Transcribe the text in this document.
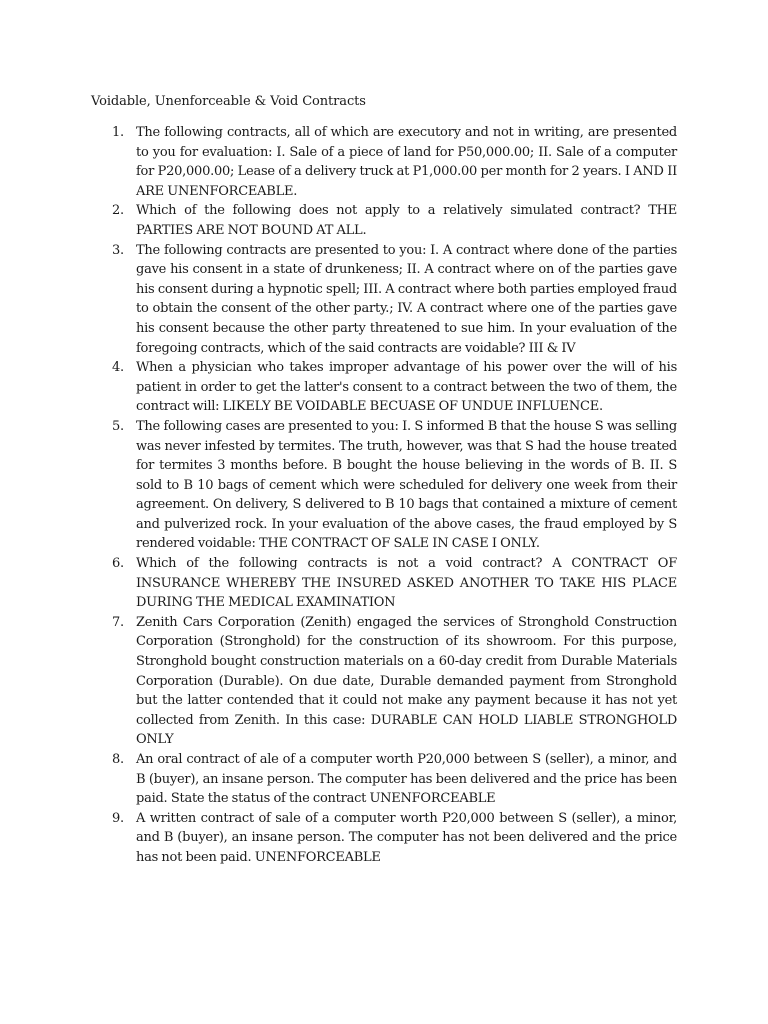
Voidable, Unenforceable & Void Contracts
1. The following contracts, all of which are executory and not in writing, are presented to you for evaluation: I. Sale of a piece of land for P50,000.00; II. Sale of a computer for P20,000.00; Lease of a delivery truck at P1,000.00 per month for 2 years. I AND II ARE UNENFORCEABLE.
2. Which of the following does not apply to a relatively simulated contract? THE PARTIES ARE NOT BOUND AT ALL.
3. The following contracts are presented to you: I. A contract where done of the parties gave his consent in a state of drunkeness; II. A contract where on of the parties gave his consent during a hypnotic spell; III. A contract where both parties employed fraud to obtain the consent of the other party.; IV. A contract where one of the parties gave his consent because the other party threatened to sue him. In your evaluation of the foregoing contracts, which of the said contracts are voidable? III & IV
4. When a physician who takes improper advantage of his power over the will of his patient in order to get the latter's consent to a contract between the two of them, the contract will: LIKELY BE VOIDABLE BECUASE OF UNDUE INFLUENCE.
5. The following cases are presented to you: I. S informed B that the house S was selling was never infested by termites. The truth, however, was that S had the house treated for termites 3 months before. B bought the house believing in the words of B. II. S sold to B 10 bags of cement which were scheduled for delivery one week from their agreement. On delivery, S delivered to B 10 bags that contained a mixture of cement and pulverized rock. In your evaluation of the above cases, the fraud employed by S rendered voidable: THE CONTRACT OF SALE IN CASE I ONLY.
6. Which of the following contracts is not a void contract? A CONTRACT OF INSURANCE WHEREBY THE INSURED ASKED ANOTHER TO TAKE HIS PLACE DURING THE MEDICAL EXAMINATION
7. Zenith Cars Corporation (Zenith) engaged the services of Stronghold Construction Corporation (Stronghold) for the construction of its showroom. For this purpose, Stronghold bought construction materials on a 60-day credit from Durable Materials Corporation (Durable). On due date, Durable demanded payment from Stronghold but the latter contended that it could not make any payment because it has not yet collected from Zenith. In this case: DURABLE CAN HOLD LIABLE STRONGHOLD ONLY
8. An oral contract of ale of a computer worth P20,000 between S (seller), a minor, and B (buyer), an insane person. The computer has been delivered and the price has been paid. State the status of the contract UNENFORCEABLE
9. A written contract of sale of a computer worth P20,000 between S (seller), a minor, and B (buyer), an insane person. The computer has not been delivered and the price has not been paid. UNENFORCEABLE
